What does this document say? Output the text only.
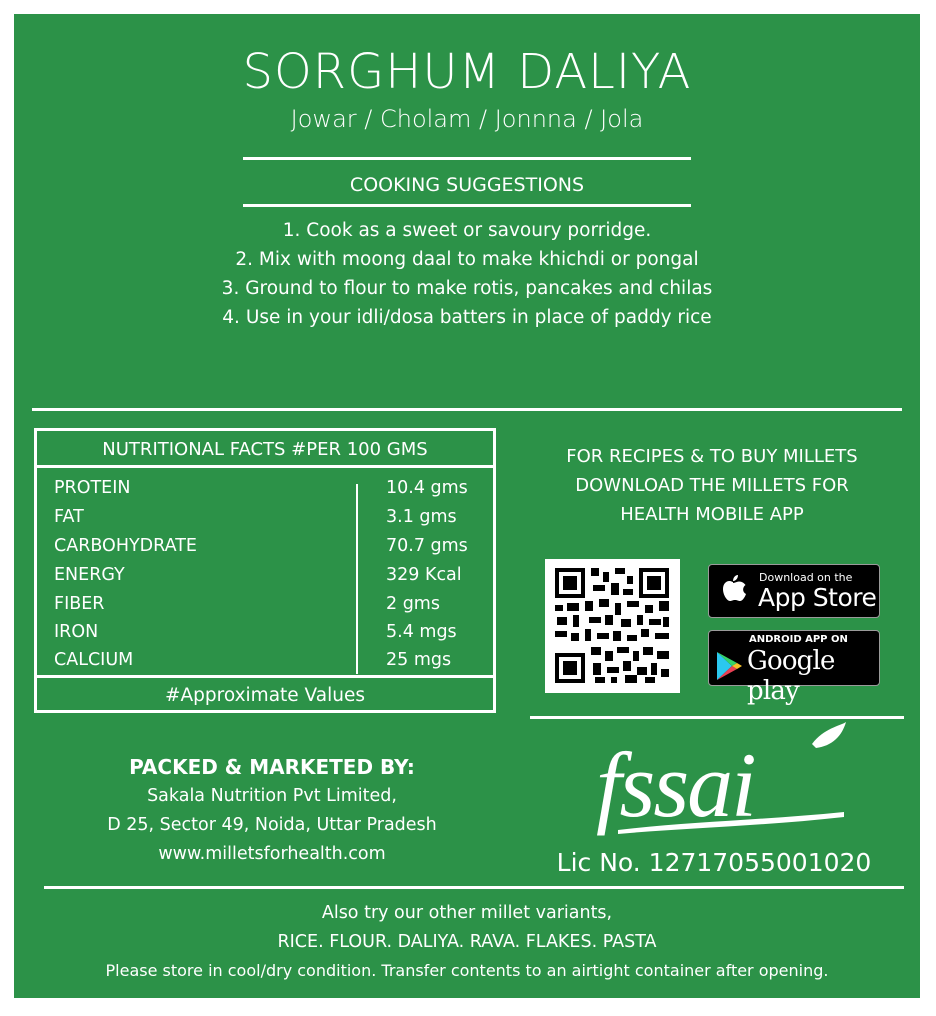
SORGHUM DALIYA
Jowar / Cholam / Jonnna / Jola
COOKING SUGGESTIONS
1. Cook as a sweet or savoury porridge.
2. Mix with moong daal to make khichdi or pongal
3. Ground to flour to make rotis, pancakes and chilas
4. Use in your idli/dosa batters in place of paddy rice
NUTRITIONAL FACTS #PER 100 GMS
PROTEIN	10.4 gms
FAT	3.1 gms
CARBOHYDRATE	70.7 gms
ENERGY	329 Kcal
FIBER	2 gms
IRON	5.4 mgs
CALCIUM	25 mgs
#Approximate Values
FOR RECIPES & TO BUY MILLETS
DOWNLOAD THE MILLETS FOR
HEALTH MOBILE APP
Download on the
App Store
ANDROID APP ON
Google play
PACKED & MARKETED BY:
Sakala Nutrition Pvt Limited,
D 25, Sector 49, Noida, Uttar Pradesh
www.milletsforhealth.com
fssai
Lic No. 12717055001020
Also try our other millet variants,
RICE. FLOUR. DALIYA. RAVA. FLAKES. PASTA
Please store in cool/dry condition. Transfer contents to an airtight container after opening.
